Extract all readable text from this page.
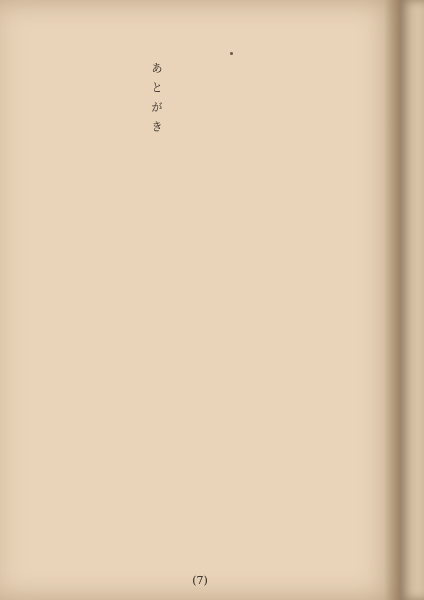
あとがき
(7)
